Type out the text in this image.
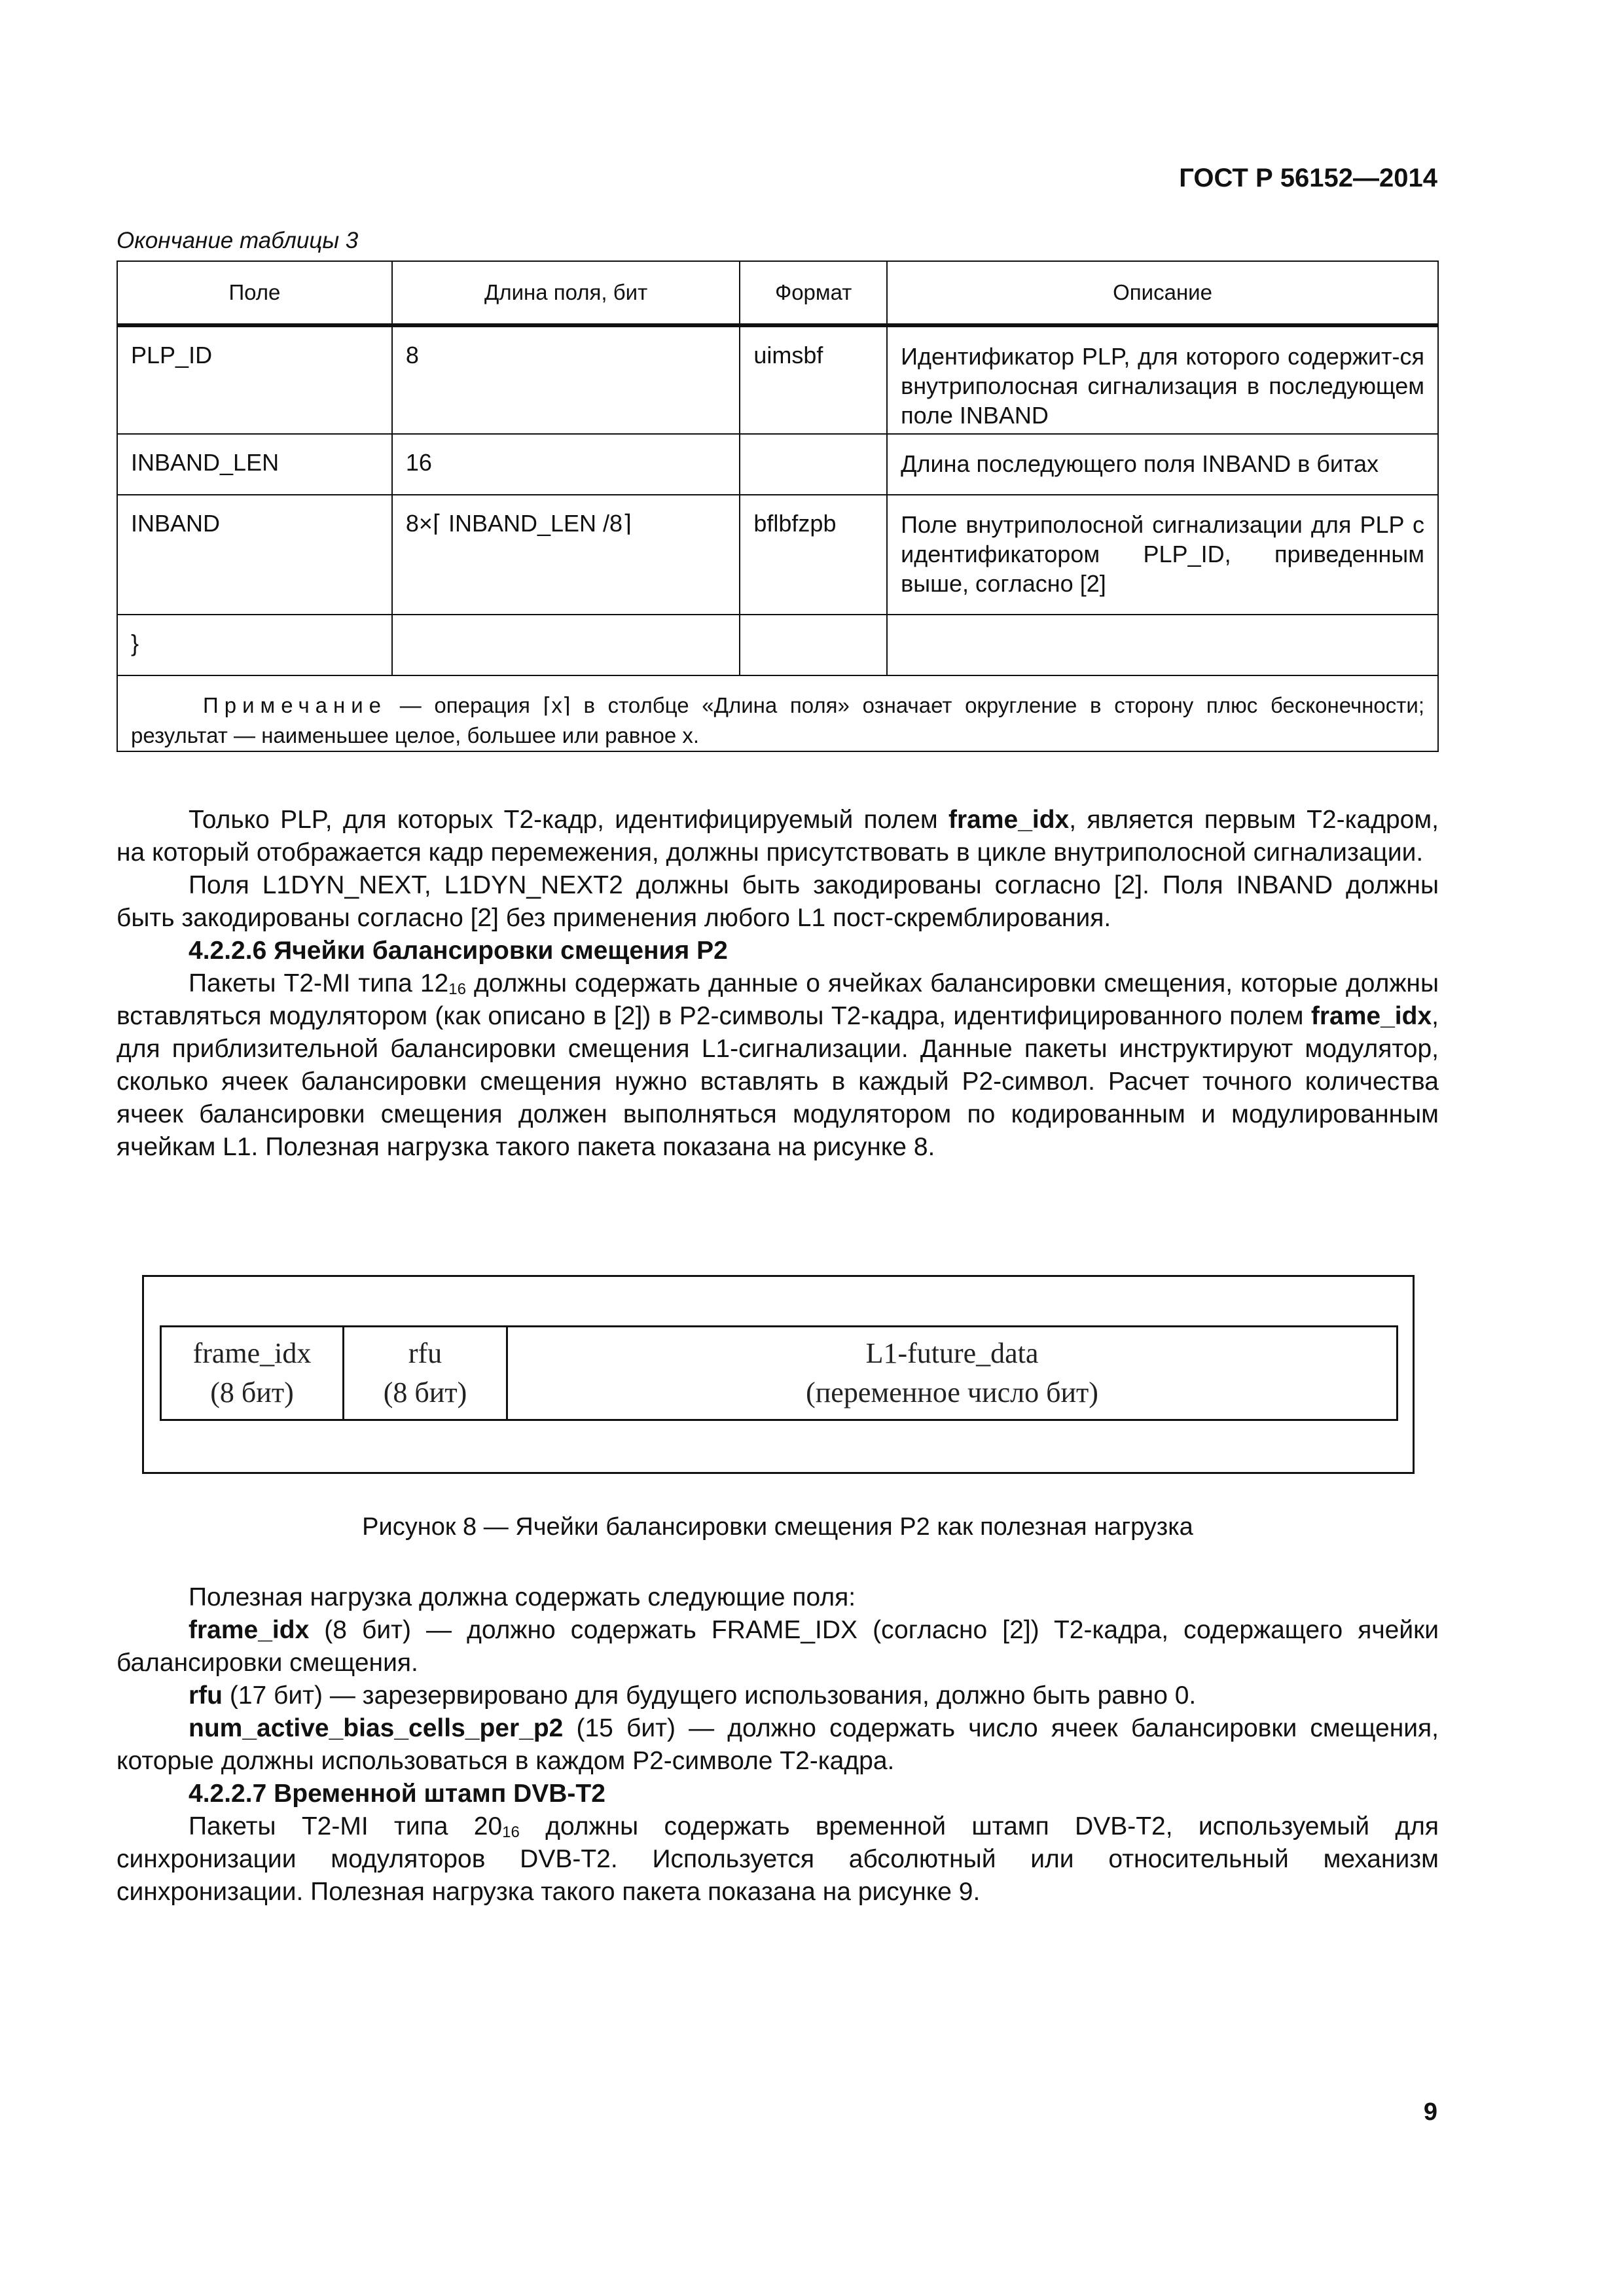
ГОСТ Р 56152—2014
Окончание таблицы 3
Поле	Длина поля, бит	Формат	Описание
PLP_ID	8	uimsbf	Идентификатор PLP, для которого содержит-ся внутриполосная сигнализация в последующем поле INBAND
INBAND_LEN	16		Длина последующего поля INBAND в битах
INBAND	8×⌈ INBAND_LEN /8⌉	bflbfzpb	Поле внутриполосной сигнализации для PLP с идентификатором PLP_ID, приведенным выше, согласно [2]
}			
Примечание — операция ⌈x⌉ в столбце «Длина поля» означает округление в сторону плюс бесконечности; результат — наименьшее целое, большее или равное x.			

Только PLP, для которых T2-кадр, идентифицируемый полем frame_idx, является первым T2-кадром, на который отображается кадр перемежения, должны присутствовать в цикле внутриполосной сигнализации.

Поля L1DYN_NEXT, L1DYN_NEXT2 должны быть закодированы согласно [2]. Поля INBAND должны быть закодированы согласно [2] без применения любого L1 пост-скремблирования.

4.2.2.6 Ячейки балансировки смещения P2

Пакеты T2-MI типа $12_{16}$ должны содержать данные о ячейках балансировки смещения, которые должны вставляться модулятором (как описано в [2]) в P2-символы T2-кадра, идентифицированного полем frame_idx, для приблизительной балансировки смещения L1-сигнализации. Данные пакеты инструктируют модулятор, сколько ячеек балансировки смещения нужно вставлять в каждый P2-символ. Расчет точного количества ячеек балансировки смещения должен выполняться модулятором по кодированным и модулированным ячейкам L1. Полезная нагрузка такого пакета показана на рисунке 8.

frame_idx
(8 бит)
rfu
(8 бит)
L1-future_data
(переменное число бит)
Рисунок 8 — Ячейки балансировки смещения P2 как полезная нагрузка

Полезная нагрузка должна содержать следующие поля:

frame_idx (8 бит) — должно содержать FRAME_IDX (согласно [2]) T2-кадра, содержащего ячейки балансировки смещения.

rfu (17 бит) — зарезервировано для будущего использования, должно быть равно 0.

num_active_bias_cells_per_p2 (15 бит) — должно содержать число ячеек балансировки смещения, которые должны использоваться в каждом P2-символе T2-кадра.

4.2.2.7 Временной штамп DVB-T2

Пакеты T2-MI типа $20_{16}$ должны содержать временной штамп DVB-T2, используемый для синхронизации модуляторов DVB-T2. Используется абсолютный или относительный механизм синхронизации. Полезная нагрузка такого пакета показана на рисунке 9.

9
